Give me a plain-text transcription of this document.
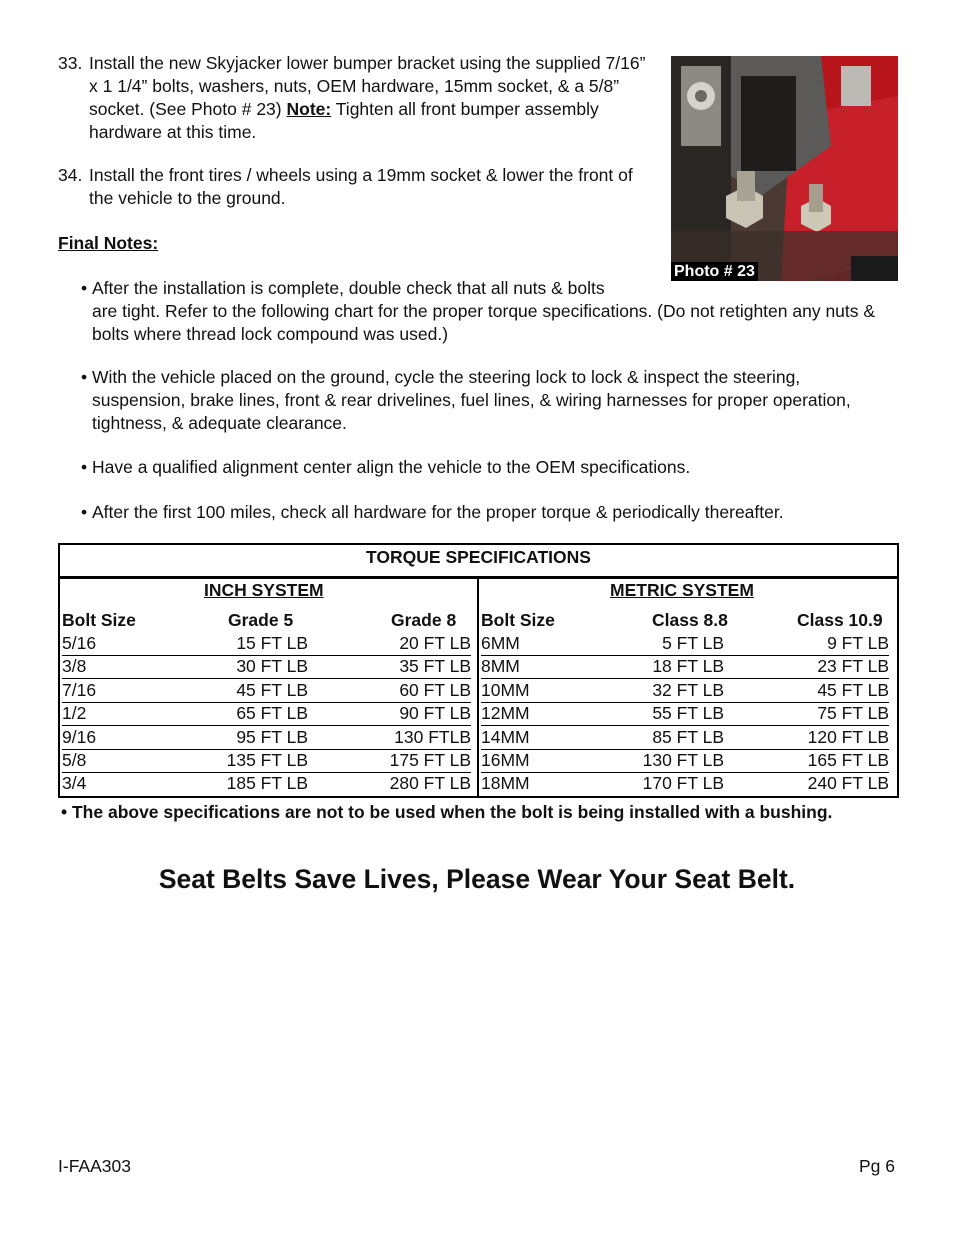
33. Install the new Skyjacker lower bumper bracket using the supplied 7/16” x 1 1/4” bolts, washers, nuts, OEM hardware, 15mm socket, & a 5/8” socket. (See Photo # 23) Note: Tighten all front bumper assembly hardware at this time.
34. Install the front tires / wheels using a 19mm socket & lower the front of the vehicle to the ground.
Photo # 23
Final Notes:
• After the installation is complete, double check that all nuts & bolts
are tight. Refer to the following chart for the proper torque specifications. (Do not retighten any nuts & bolts where thread lock compound was used.)
• With the vehicle placed on the ground, cycle the steering lock to lock & inspect the steering, suspension, brake lines, front & rear drivelines, fuel lines, & wiring harnesses for proper operation, tightness, & adequate clearance.
• Have a qualified alignment center align the vehicle to the OEM specifications.
• After the first 100 miles, check all hardware for the proper torque & periodically thereafter.
TORQUE SPECIFICATIONS
INCH SYSTEM
Bolt Size	Grade 5	Grade 8
5/16	15 FT LB	20 FT LB
3/8	30 FT LB	35 FT LB
7/16	45 FT LB	60 FT LB
1/2	65 FT LB	90 FT LB
9/16	95 FT LB	130 FTLB
5/8	135 FT LB	175 FT LB
3/4	185 FT LB	280 FT LB
METRIC SYSTEM
Bolt Size	Class 8.8	Class 10.9
6MM	5 FT LB	9 FT LB
8MM	18 FT LB	23 FT LB
10MM	32 FT LB	45 FT LB
12MM	55 FT LB	75 FT LB
14MM	85 FT LB	120 FT LB
16MM	130 FT LB	165 FT LB
18MM	170 FT LB	240 FT LB
• The above specifications are not to be used when the bolt is being installed with a bushing.
Seat Belts Save Lives, Please Wear Your Seat Belt.
I-FAA303	Pg 6
